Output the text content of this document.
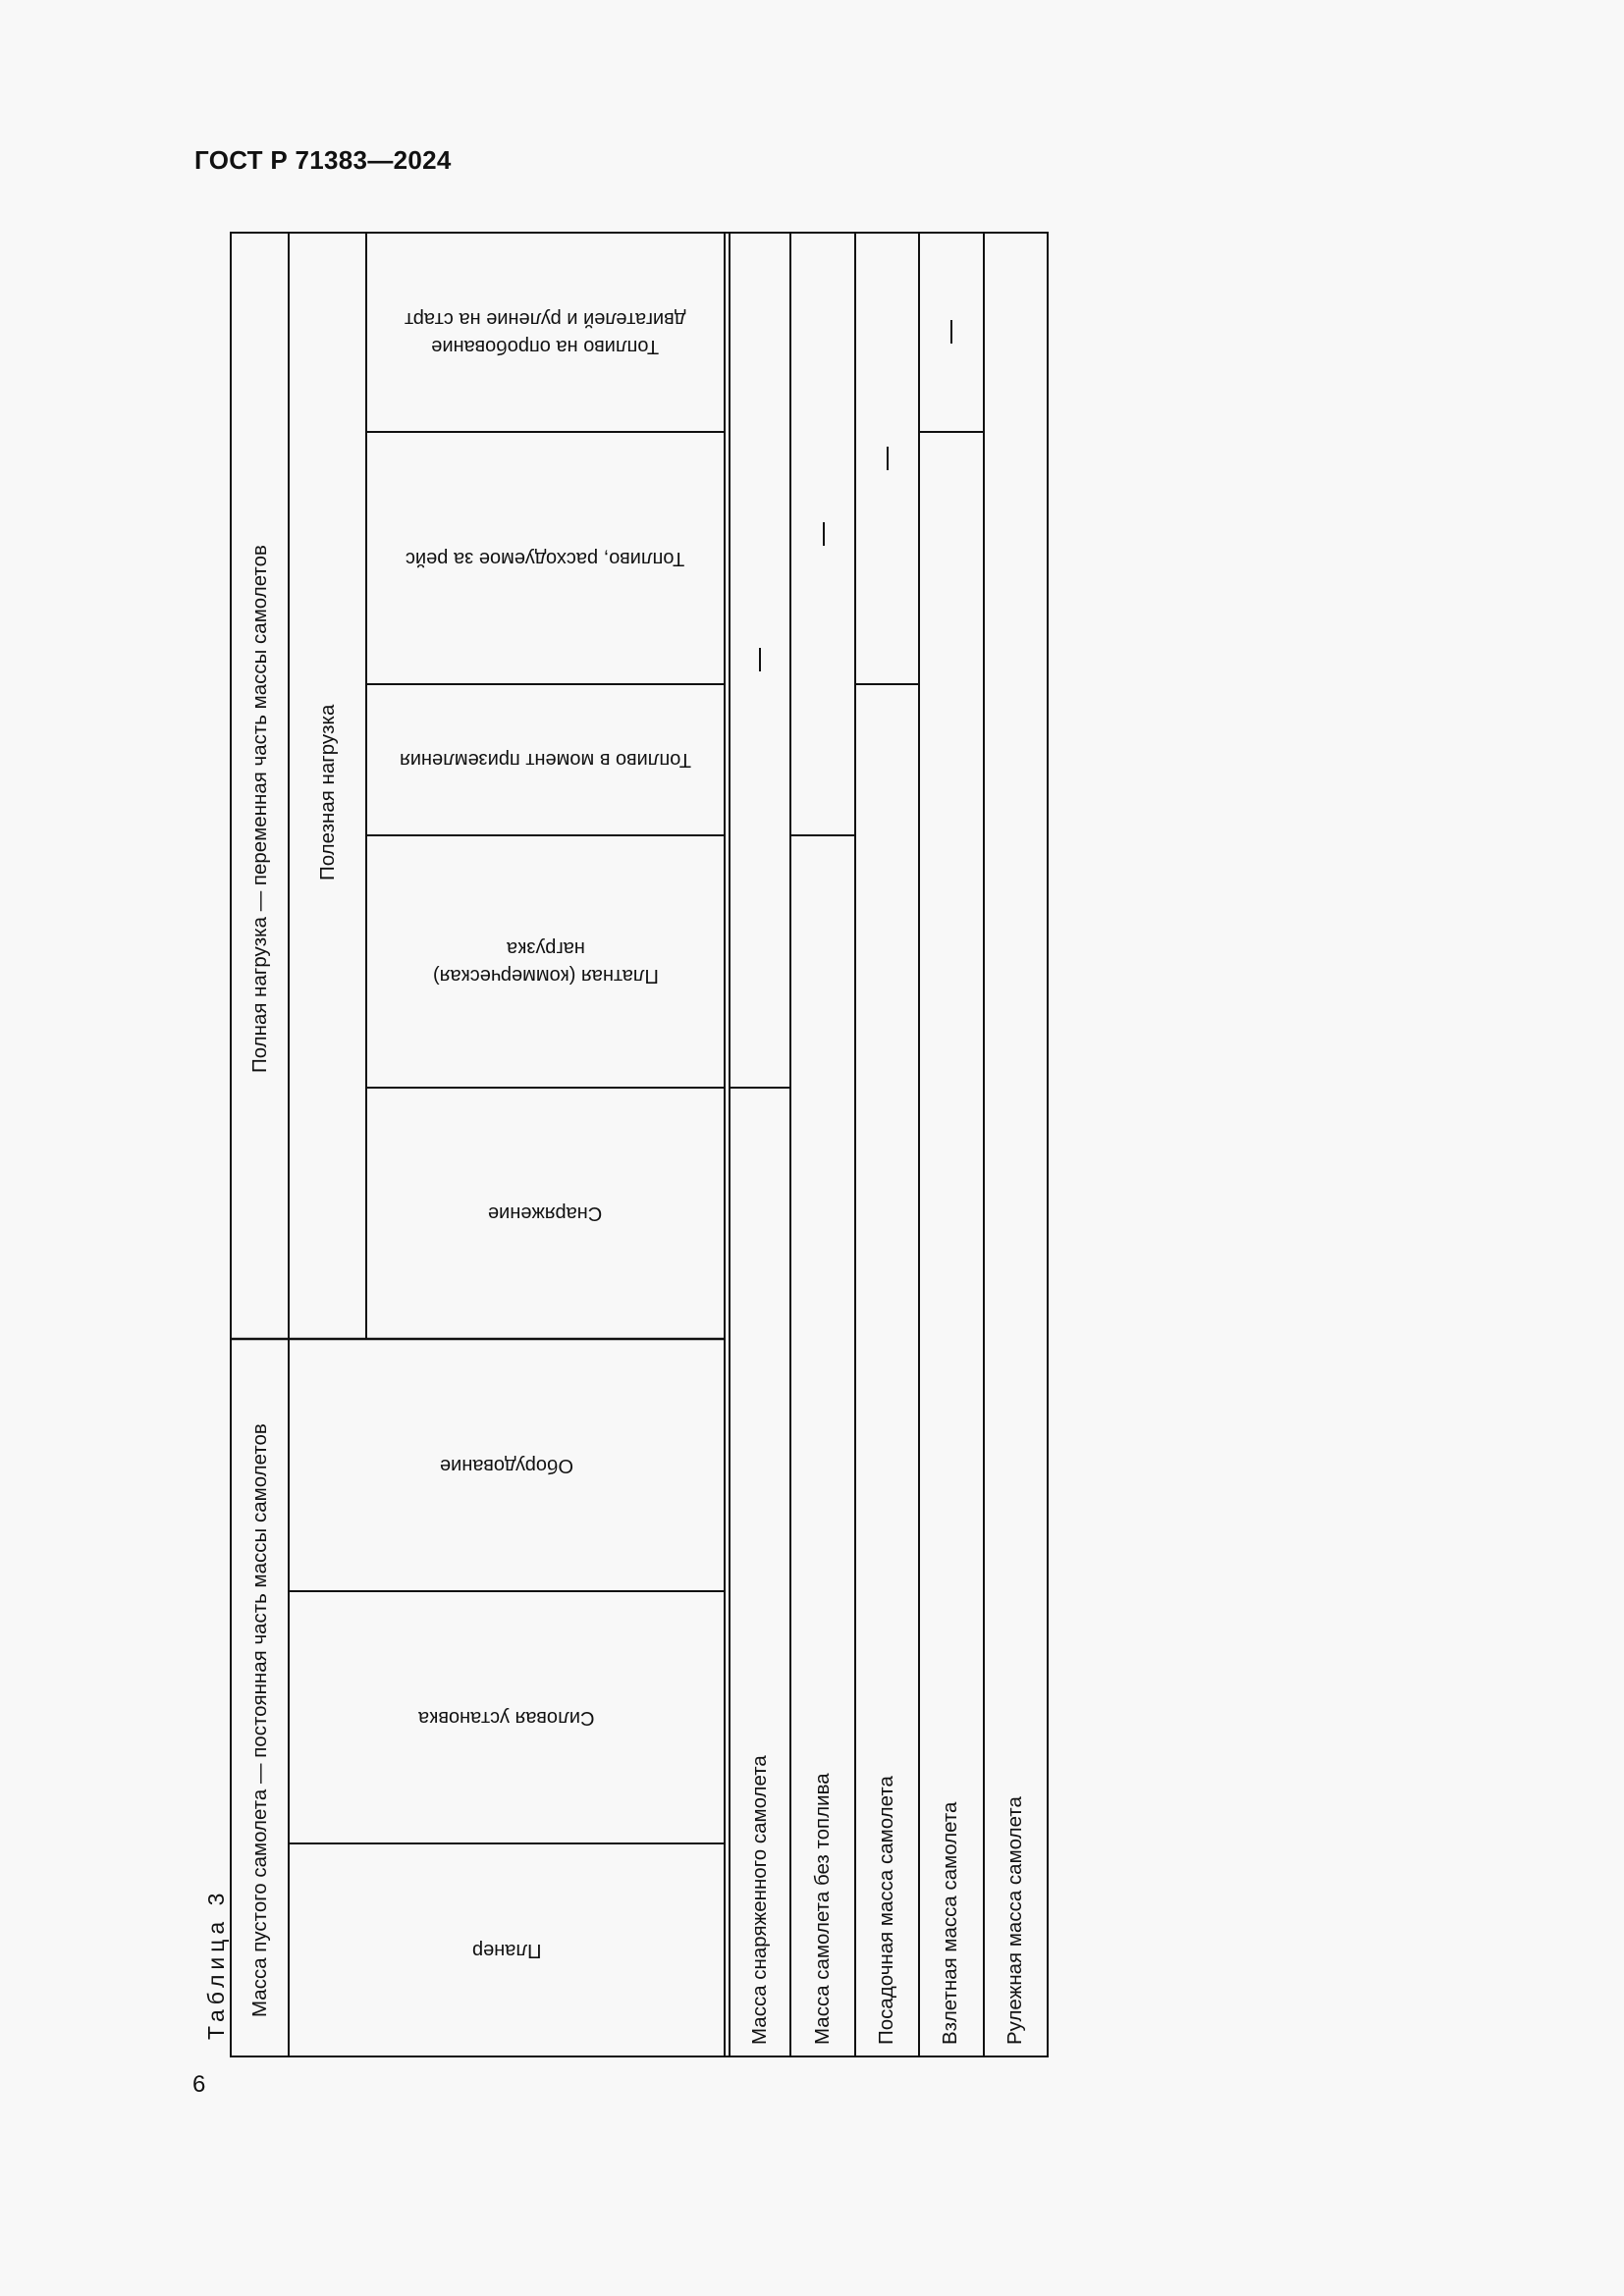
ГОСТ Р 71383—2024
6
Таблица 3 Масса пустого самолета — постоянная часть массы самолетов
Полная нагрузка — переменная часть массы самолетов Полезная нагрузка
Планер
Силовая установка
Оборудование
Снаряжение
Платная (коммерческая)
нагрузка
Топливо в момент приземления
Топливо, расходуемое за рейс
Топливо на опробование
двигателей и руление на старт
Масса снаряженного самолета Масса самолета без топлива Посадочная масса самолета Взлетная масса самолета Рулежная масса самолета
